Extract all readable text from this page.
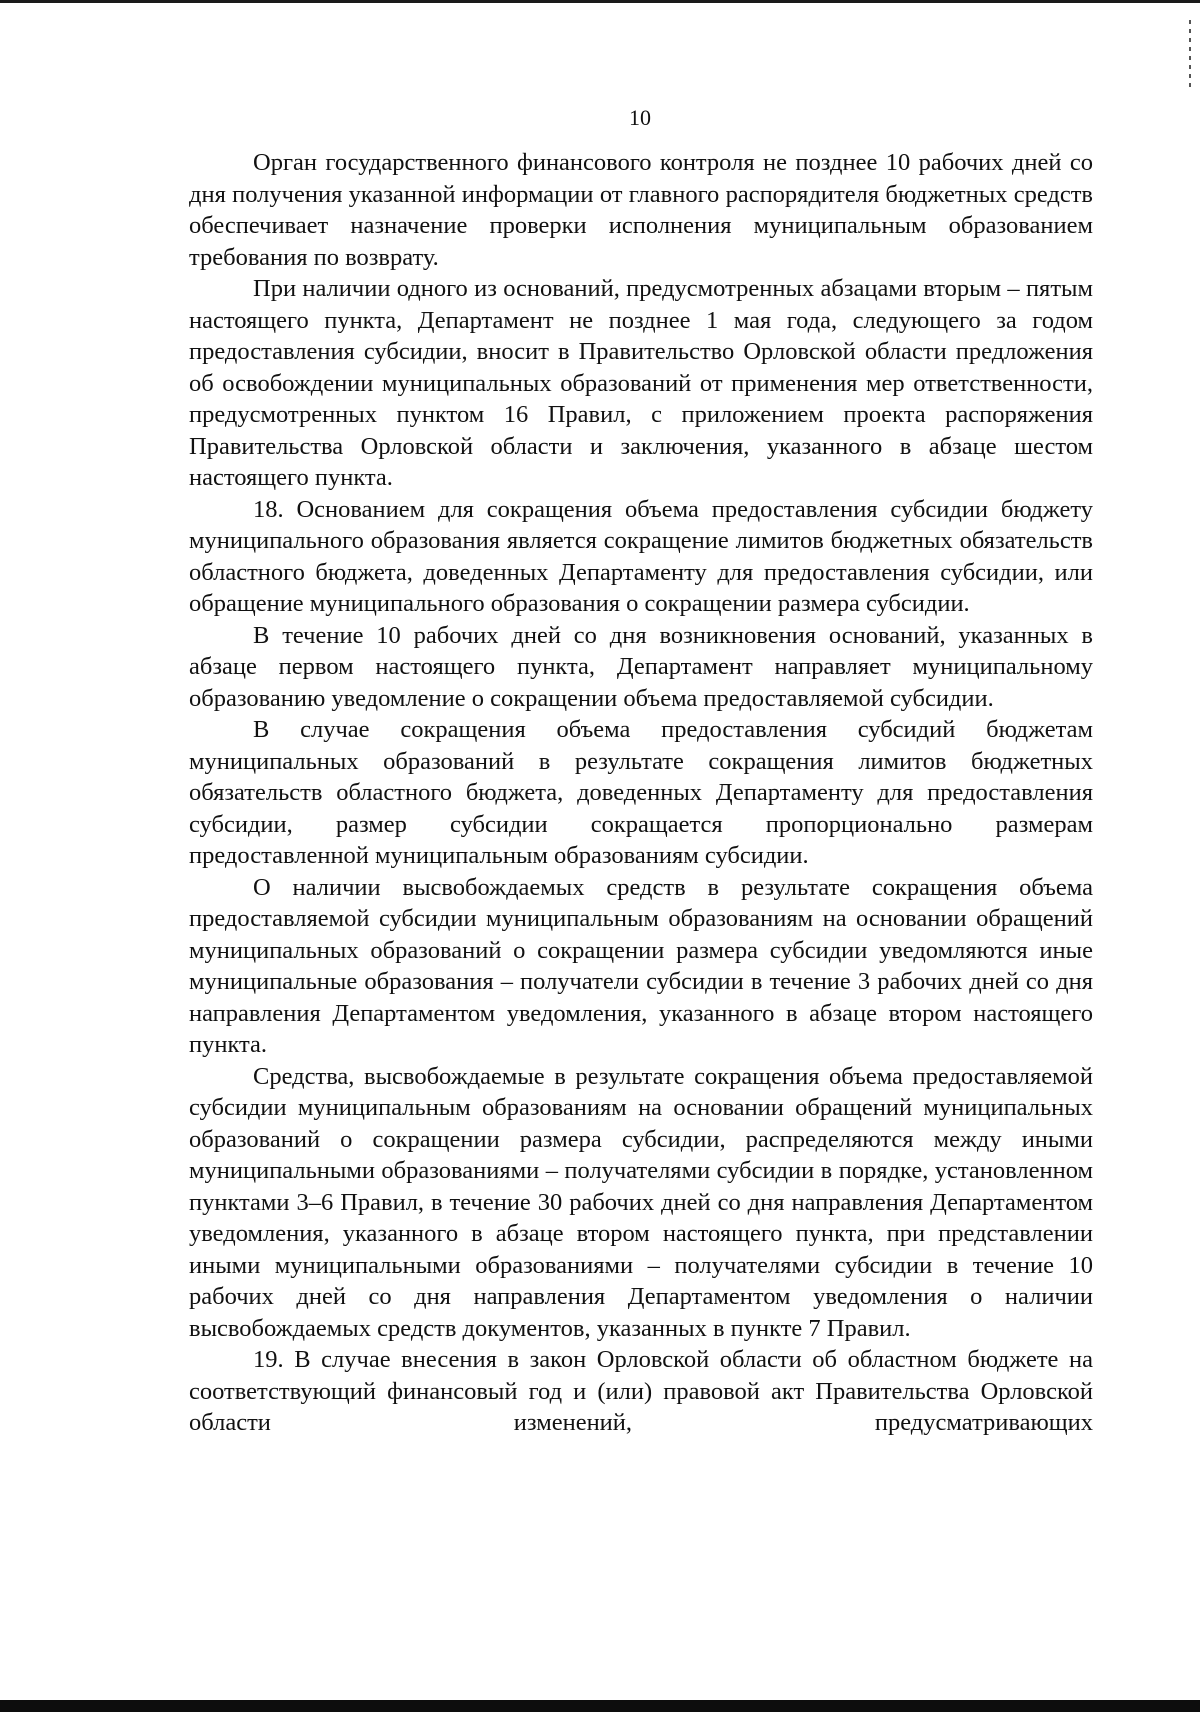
10

Орган государственного финансового контроля не позднее 10 рабочих дней со дня получения указанной информации от главного распорядителя бюджетных средств обеспечивает назначение проверки исполнения муниципальным образованием требования по возврату.

При наличии одного из оснований, предусмотренных абзацами вторым – пятым настоящего пункта, Департамент не позднее 1 мая года, следующего за годом предоставления субсидии, вносит в Правительство Орловской области предложения об освобождении муниципальных образований от применения мер ответственности, предусмотренных пунктом 16 Правил, с приложением проекта распоряжения Правительства Орловской области и заключения, указанного в абзаце шестом настоящего пункта.

18. Основанием для сокращения объема предоставления субсидии бюджету муниципального образования является сокращение лимитов бюджетных обязательств областного бюджета, доведенных Департаменту для предоставления субсидии, или обращение муниципального образования о сокращении размера субсидии.

В течение 10 рабочих дней со дня возникновения оснований, указанных в абзаце первом настоящего пункта, Департамент направляет муниципальному образованию уведомление о сокращении объема предоставляемой субсидии.

В случае сокращения объема предоставления субсидий бюджетам муниципальных образований в результате сокращения лимитов бюджетных обязательств областного бюджета, доведенных Департаменту для предоставления субсидии, размер субсидии сокращается пропорционально размерам предоставленной муниципальным образованиям субсидии.

О наличии высвобождаемых средств в результате сокращения объема предоставляемой субсидии муниципальным образованиям на основании обращений муниципальных образований о сокращении размера субсидии уведомляются иные муниципальные образования – получатели субсидии в течение 3 рабочих дней со дня направления Департаментом уведомления, указанного в абзаце втором настоящего пункта.

Средства, высвобождаемые в результате сокращения объема предоставляемой субсидии муниципальным образованиям на основании обращений муниципальных образований о сокращении размера субсидии, распределяются между иными муниципальными образованиями – получателями субсидии в порядке, установленном пунктами 3–6 Правил, в течение 30 рабочих дней со дня направления Департаментом уведомления, указанного в абзаце втором настоящего пункта, при представлении иными муниципальными образованиями – получателями субсидии в течение 10 рабочих дней со дня направления Департаментом уведомления о наличии высвобождаемых средств документов, указанных в пункте 7 Правил.

19. В случае внесения в закон Орловской области об областном бюджете на соответствующий финансовый год и (или) правовой акт Правительства Орловской области изменений, предусматривающих
